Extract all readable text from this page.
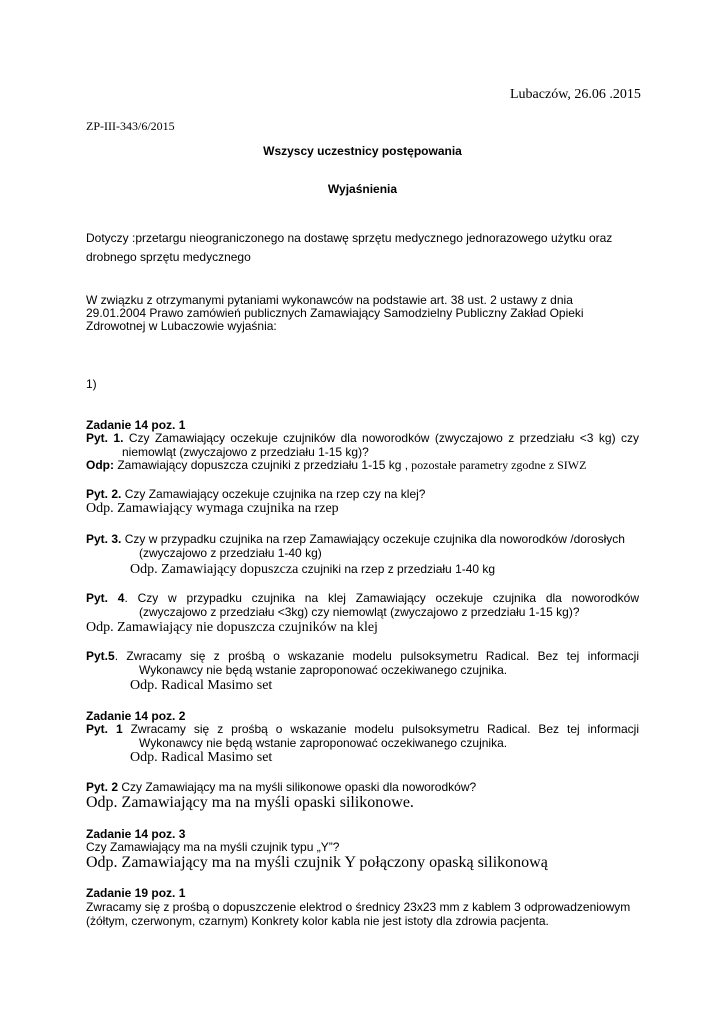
Lubaczów, 26.06 .2015
ZP-III-343/6/2015
Wszyscy uczestnicy postępowania
Wyjaśnienia
Dotyczy :przetargu nieograniczonego na dostawę sprzętu medycznego jednorazowego użytku oraz
drobnego sprzętu medycznego
W związku z otrzymanymi pytaniami wykonawców na podstawie art. 38 ust. 2 ustawy z dnia
29.01.2004 Prawo zamówień publicznych Zamawiający Samodzielny Publiczny Zakład Opieki
Zdrowotnej w Lubaczowie wyjaśnia:
1)
Zadanie 14 poz. 1
Pyt. 1. Czy Zamawiający oczekuje czujników dla noworodków (zwyczajowo z przedziału <3 kg) czy
niemowląt (zwyczajowo z przedziału 1-15 kg)?
Odp: Zamawiający dopuszcza czujniki z przedziału 1-15 kg , pozostałe parametry zgodne z SIWZ
Pyt. 2. Czy Zamawiający oczekuje czujnika na rzep czy na klej?
Odp. Zamawiający wymaga czujnika na rzep
Pyt. 3. Czy w przypadku czujnika na rzep Zamawiający oczekuje czujnika dla noworodków /dorosłych
(zwyczajowo z przedziału 1-40 kg)
Odp. Zamawiający dopuszcza czujniki na rzep z przedziału 1-40 kg
Pyt. 4. Czy w przypadku czujnika na klej Zamawiający oczekuje czujnika dla noworodków
(zwyczajowo z przedziału <3kg) czy niemowląt (zwyczajowo z przedziału 1-15 kg)?
Odp. Zamawiający nie dopuszcza czujników na klej
Pyt.5. Zwracamy się z prośbą o wskazanie modelu pulsoksymetru Radical. Bez tej informacji
Wykonawcy nie będą wstanie zaproponować oczekiwanego czujnika.
Odp. Radical Masimo set
Zadanie 14 poz. 2
Pyt. 1 Zwracamy się z prośbą o wskazanie modelu pulsoksymetru Radical. Bez tej informacji
Wykonawcy nie będą wstanie zaproponować oczekiwanego czujnika.
Odp. Radical Masimo set
Pyt. 2 Czy Zamawiający ma na myśli silikonowe opaski dla noworodków?
Odp. Zamawiający ma na myśli opaski silikonowe.
Zadanie 14 poz. 3
Czy Zamawiający ma na myśli czujnik typu „Y”?
Odp. Zamawiający ma na myśli czujnik Y połączony opaską silikonową
Zadanie 19 poz. 1
Zwracamy się z prośbą o dopuszczenie elektrod o średnicy 23x23 mm z kablem 3 odprowadzeniowym
(żółtym, czerwonym, czarnym) Konkrety kolor kabla nie jest istoty dla zdrowia pacjenta.
